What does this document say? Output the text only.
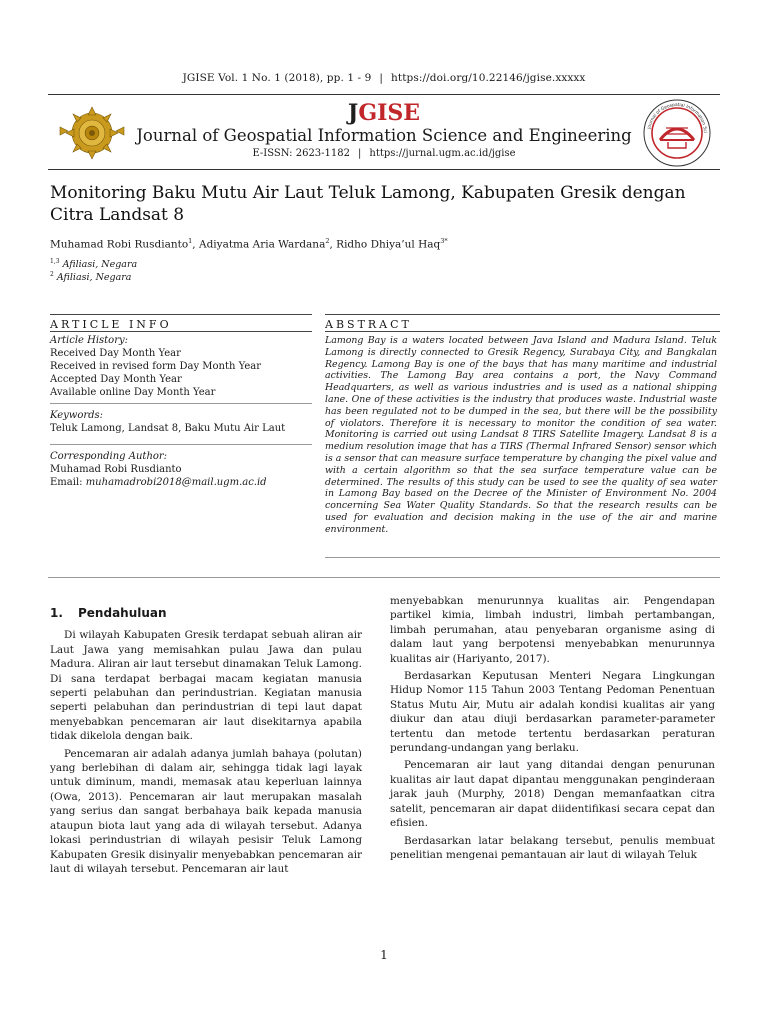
JGISE Vol. 1 No. 1 (2018), pp. 1 - 9 | https://doi.org/10.22146/jgise.xxxxx
JGISE
Journal of Geospatial Information Science and Engineering
E-ISSN: 2623-1182 | https://jurnal.ugm.ac.id/jgise
Journal of Geospatial Information Sci
Monitoring Baku Mutu Air Laut Teluk Lamong, Kabupaten Gresik dengan
Citra Landsat 8
Muhamad Robi Rusdianto$^1$, Adiyatma Aria Wardana$^2$, Ridho Dhiya’ul Haq$^{3*}$
$^{1,3}$ Afiliasi, Negara
$^2$ Afiliasi, Negara
ARTICLE INFO	ABSTRACT
Article History:
Received Day Month Year
Received in revised form Day Month Year
Accepted Day Month Year
Available online Day Month Year
Keywords:
Teluk Lamong, Landsat 8, Baku Mutu Air Laut
Corresponding Author:
Muhamad Robi Rusdianto
Email: muhamadrobi2018@mail.ugm.ac.id
Lamong Bay is a waters located between Java Island and Madura Island. Teluk Lamong is directly connected to Gresik Regency, Surabaya City, and Bangkalan Regency. Lamong Bay is one of the bays that has many maritime and industrial activities. The Lamong Bay area contains a port, the Navy Command Headquarters, as well as various industries and is used as a national shipping lane. One of these activities is the industry that produces waste. Industrial waste has been regulated not to be dumped in the sea, but there will be the possibility of violators. Therefore it is necessary to monitor the condition of sea water. Monitoring is carried out using Landsat 8 TIRS Satellite Imagery. Landsat 8 is a medium resolution image that has a TIRS (Thermal Infrared Sensor) sensor which is a sensor that can measure surface temperature by changing the pixel value and with a certain algorithm so that the sea surface temperature value can be determined. The results of this study can be used to see the quality of sea water in Lamong Bay based on the Decree of the Minister of Environment No. 2004 concerning Sea Water Quality Standards. So that the research results can be used for evaluation and decision making in the use of the air and marine environment.
1. Pendahuluan

Di wilayah Kabupaten Gresik terdapat sebuah aliran air Laut Jawa yang memisahkan pulau Jawa dan pulau Madura. Aliran air laut tersebut dinamakan Teluk Lamong. Di sana terdapat berbagai macam kegiatan manusia seperti pelabuhan dan perindustrian. Kegiatan manusia seperti pelabuhan dan perindustrian di tepi laut dapat menyebabkan pencemaran air laut disekitarnya apabila tidak dikelola dengan baik.

Pencemaran air adalah adanya jumlah bahaya (polutan) yang berlebihan di dalam air, sehingga tidak lagi layak untuk diminum, mandi, memasak atau keperluan lainnya (Owa, 2013). Pencemaran air laut merupakan masalah yang serius dan sangat berbahaya baik kepada manusia ataupun biota laut yang ada di wilayah tersebut. Adanya lokasi perindustrian di wilayah pesisir Teluk Lamong Kabupaten Gresik disinyalir menyebabkan pencemaran air laut di wilayah tersebut. Pencemaran air laut

menyebabkan menurunnya kualitas air. Pengendapan partikel kimia, limbah industri, limbah pertambangan, limbah perumahan, atau penyebaran organisme asing di dalam laut yang berpotensi menyebabkan menurunnya kualitas air (Hariyanto, 2017).

Berdasarkan Keputusan Menteri Negara Lingkungan Hidup Nomor 115 Tahun 2003 Tentang Pedoman Penentuan Status Mutu Air, Mutu air adalah kondisi kualitas air yang diukur dan atau diuji berdasarkan parameter-parameter tertentu dan metode tertentu berdasarkan peraturan perundang-undangan yang berlaku.

Pencemaran air laut yang ditandai dengan penurunan kualitas air laut dapat dipantau menggunakan penginderaan jarak jauh (Murphy, 2018) Dengan memanfaatkan citra satelit, pencemaran air dapat diidentifikasi secara cepat dan efisien.

Berdasarkan latar belakang tersebut, penulis membuat penelitian mengenai pemantauan air laut di wilayah Teluk

1
